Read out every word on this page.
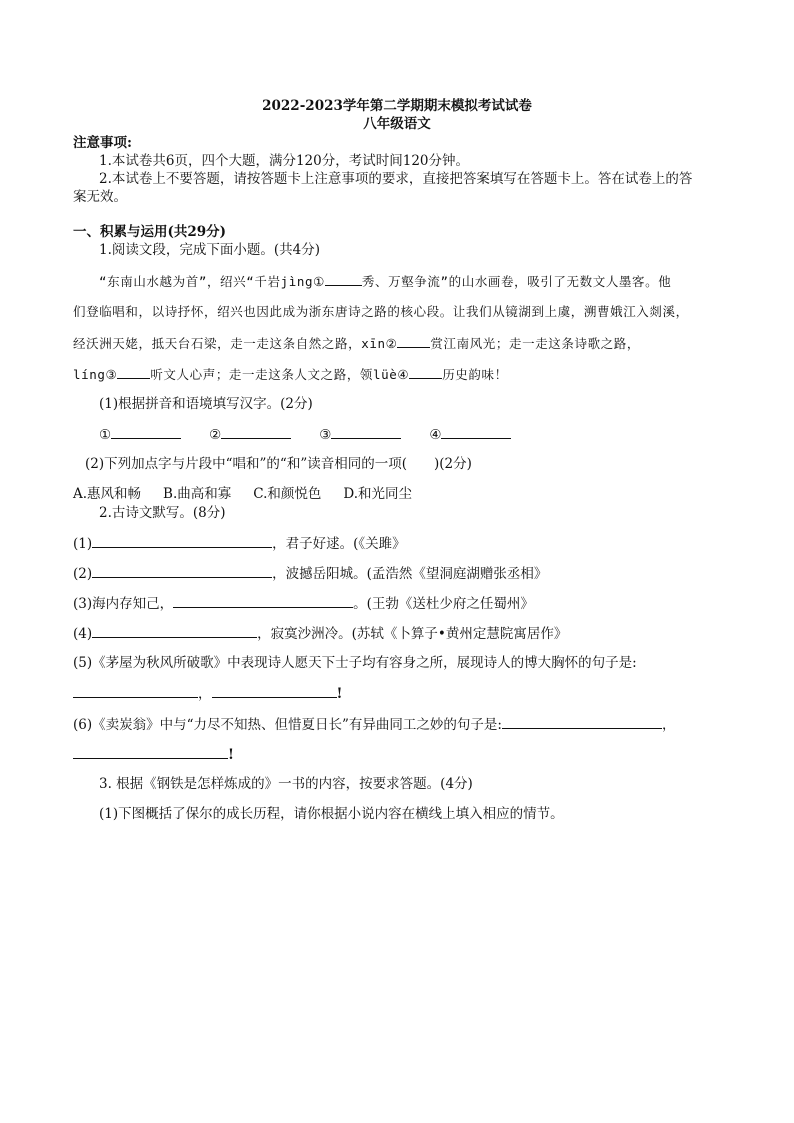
2022-2023学年第二学期期末模拟考试试卷
八年级语文
注意事项:
1.本试卷共6页，四个大题，满分120分，考试时间120分钟。
2.本试卷上不要答题，请按答题卡上注意事项的要求，直接把答案填写在答题卡上。答在试卷上的答
案无效。
一、积累与运用(共29分)
1.阅读文段，完成下面小题。(共4分)
“东南山水越为首”，绍兴“千岩jìng①	秀、万壑争流”的山水画卷，吸引了无数文人墨客。他
们登临唱和，以诗抒怀，绍兴也因此成为浙东唐诗之路的核心段。让我们从镜湖到上虞，溯曹娥江入剡溪，
经沃洲天姥，抵天台石梁，走一走这条自然之路，xīn②	赏江南风光；走一走这条诗歌之路，
líng③	听文人心声；走一走这条人文之路，领lüè④	历史韵味！
(1)根据拼音和语境填写汉字。(2分)
①	②	③	④
(2)下列加点字与片段中“唱和”的“和”读音相同的一项(　　)(2分)
A.惠风和畅 B.曲高和寡 C.和颜悦色 D.和光同尘
2.古诗文默写。(8分)
(1)	，君子好逑。(《关雎》
(2)	，波撼岳阳城。(孟浩然《望洞庭湖赠张丞相》
(3)海内存知己，	。(王勃《送杜少府之任蜀州》
(4)	，寂寞沙洲冷。(苏轼《卜算子•黄州定慧院寓居作》
(5)《茅屋为秋风所破歌》中表现诗人愿天下士子均有容身之所，展现诗人的博大胸怀的句子是:
，	!
(6)《卖炭翁》中与“力尽不知热、但惜夏日长”有异曲同工之妙的句子是:	，
!
3. 根据《钢铁是怎样炼成的》一书的内容，按要求答题。(4分)
(1)下图概括了保尔的成长历程，请你根据小说内容在横线上填入相应的情节。
